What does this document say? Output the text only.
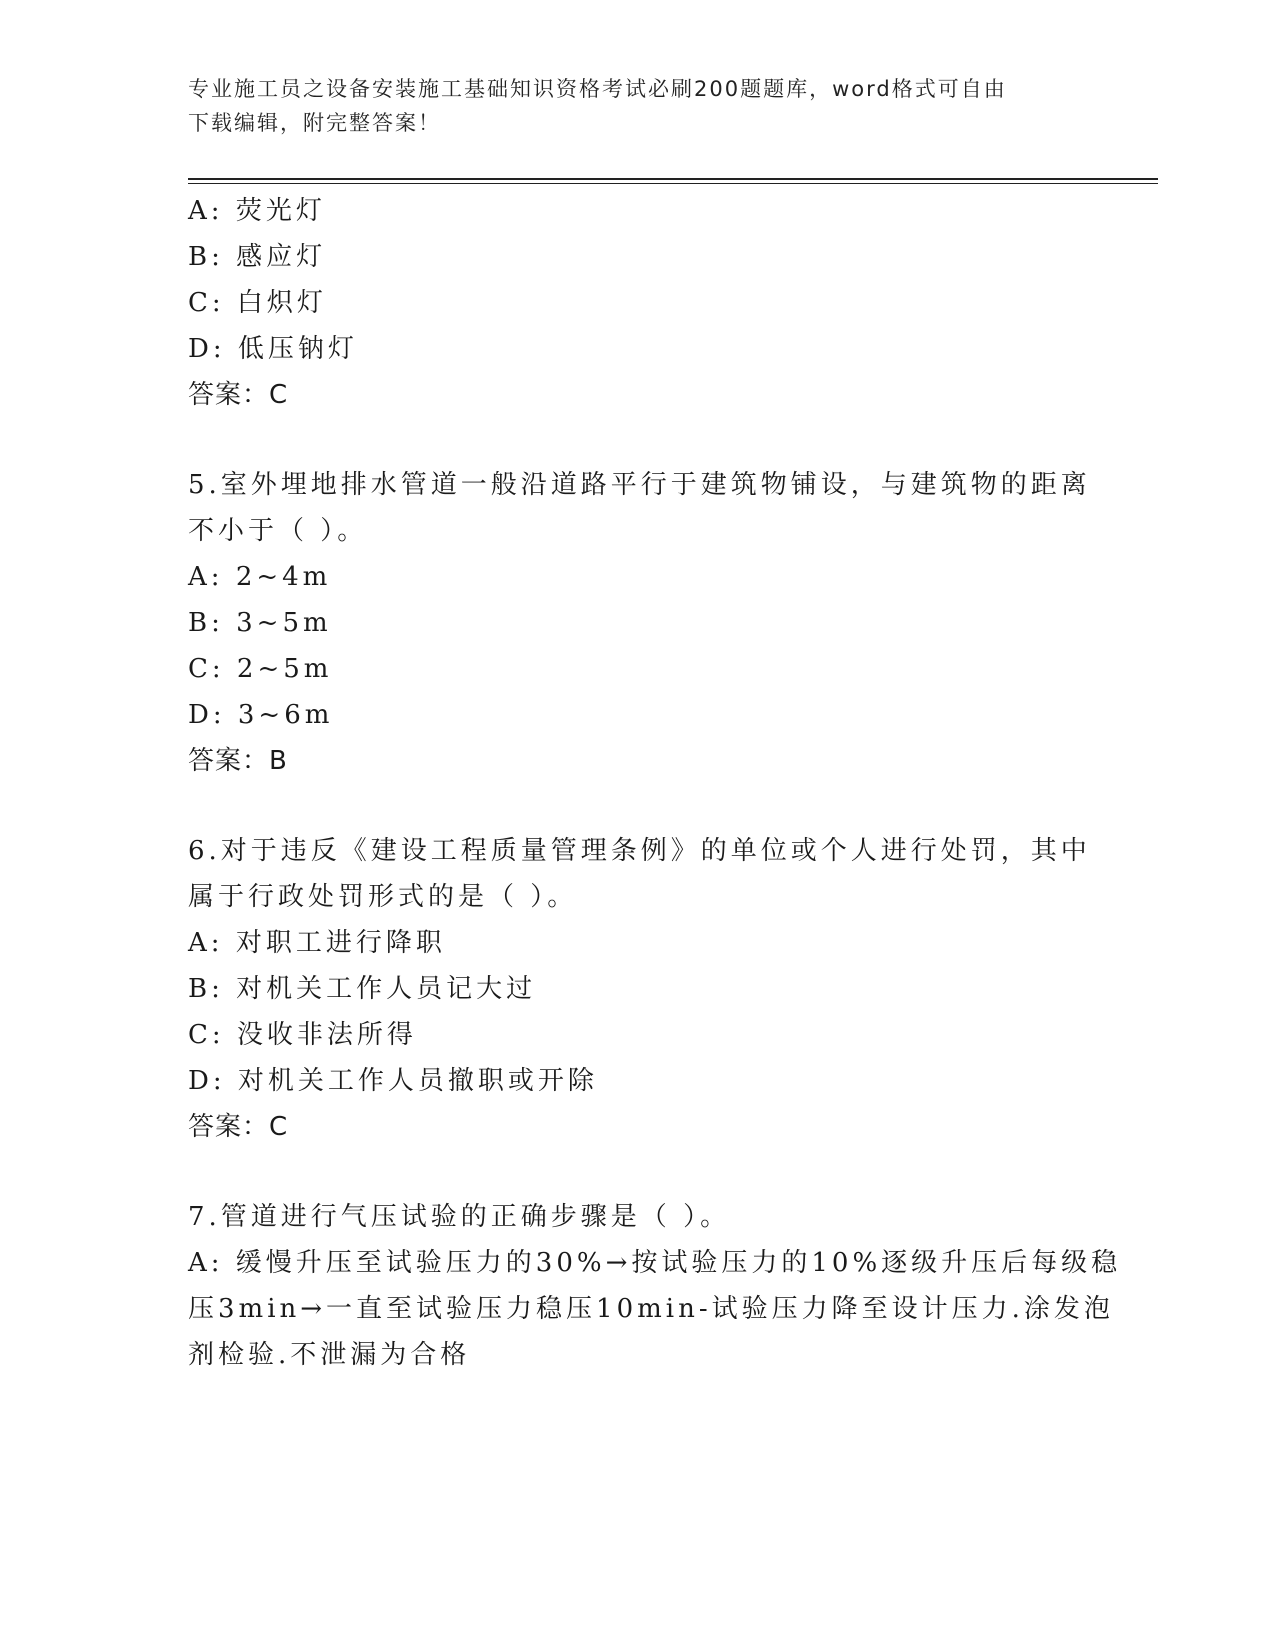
专业施工员之设备安装施工基础知识资格考试必刷200题题库，word格式可自由
下载编辑，附完整答案！
A: 荧光灯
B: 感应灯
C: 白炽灯
D: 低压钠灯
答案：C
5.室外埋地排水管道一般沿道路平行于建筑物铺设，与建筑物的距离
不小于（ ）。
A: 2~4m
B: 3~5m
C: 2~5m
D: 3~6m
答案：B
6.对于违反《建设工程质量管理条例》的单位或个人进行处罚，其中
属于行政处罚形式的是（ ）。
A: 对职工进行降职
B: 对机关工作人员记大过
C: 没收非法所得
D: 对机关工作人员撤职或开除
答案：C
7.管道进行气压试验的正确步骤是（ ）。
A: 缓慢升压至试验压力的30%→按试验压力的10%逐级升压后每级稳
压3min→一直至试验压力稳压10min-试验压力降至设计压力.涂发泡
剂检验.不泄漏为合格
